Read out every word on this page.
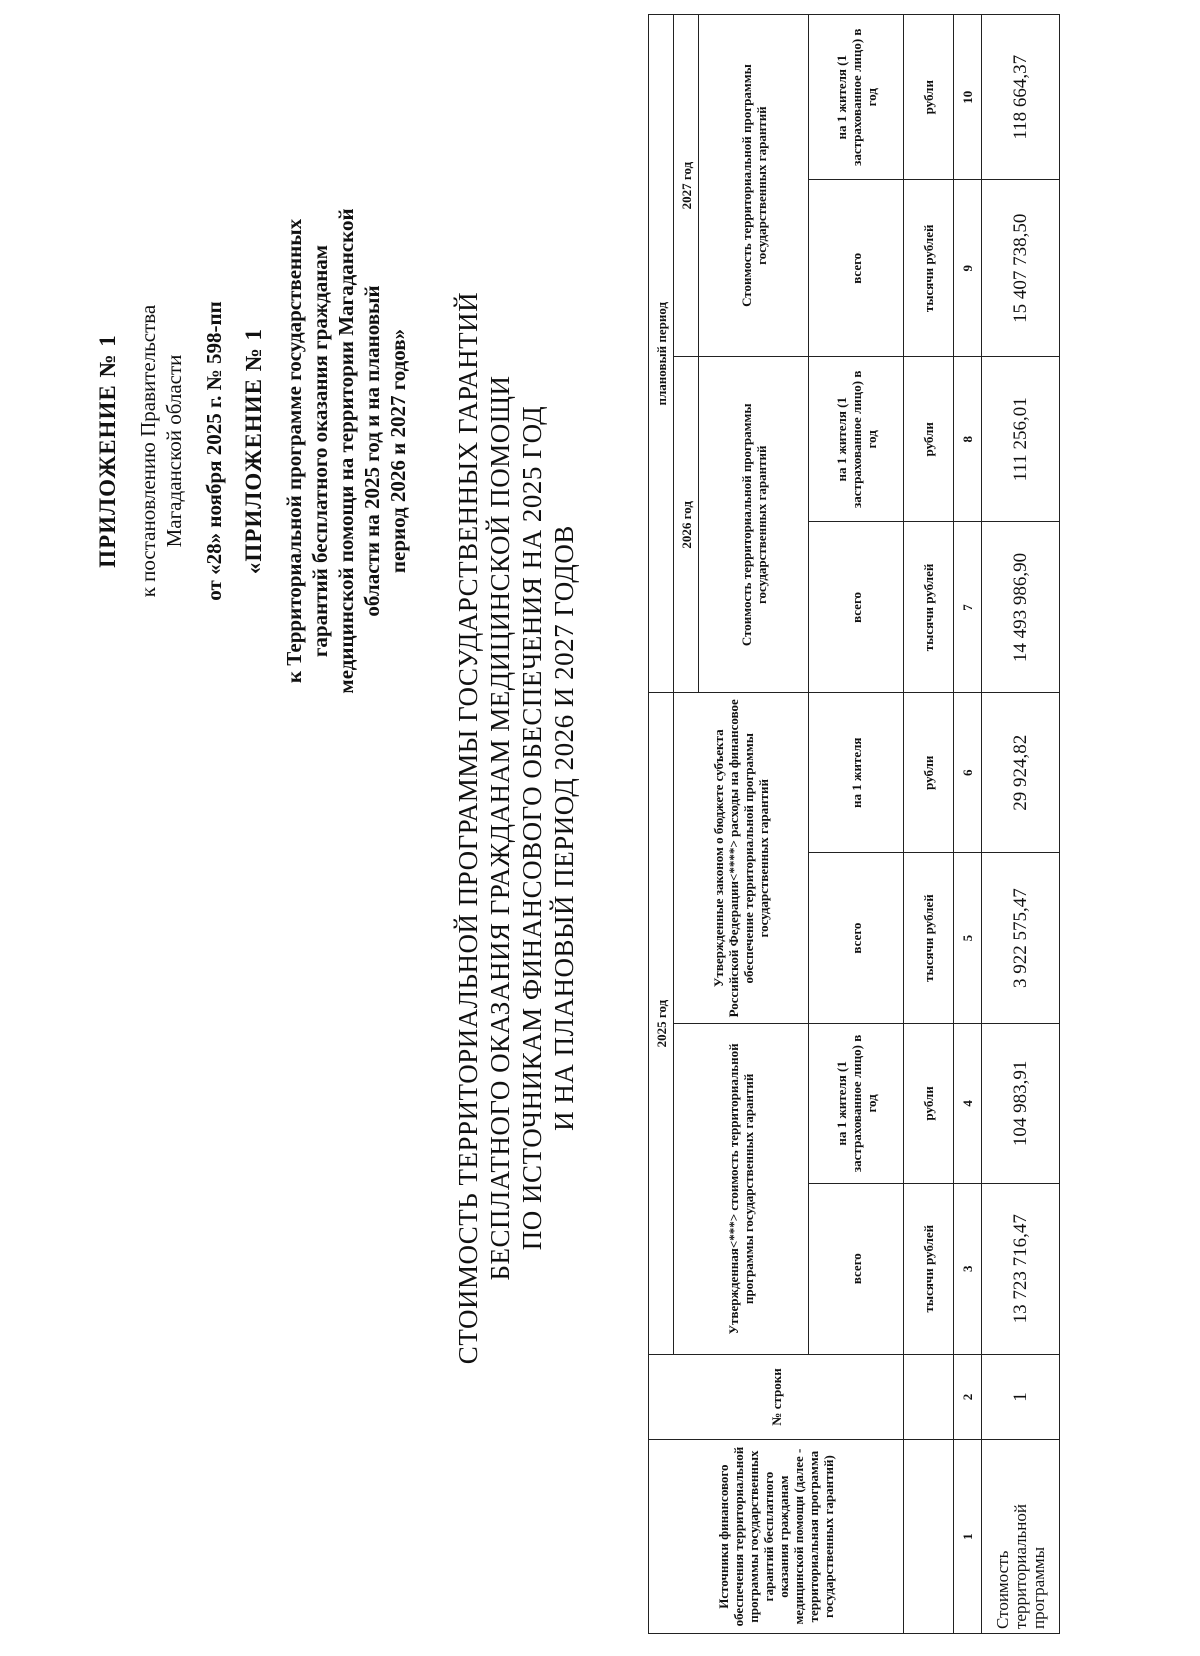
ПРИЛОЖЕНИЕ № 1 к постановлению Правительства Магаданской области от «28» ноября 2025 г. № 598-пп «ПРИЛОЖЕНИЕ № 1 к Территориальной программе государственных гарантий бесплатного оказания гражданам медицинской помощи на территории Магаданской области на 2025 год и на плановый период 2026 и 2027 годов» СТОИМОСТЬ ТЕРРИТОРИАЛЬНОЙ ПРОГРАММЫ ГОСУДАРСТВЕННЫХ ГАРАНТИЙ БЕСПЛАТНОГО ОКАЗАНИЯ ГРАЖДАНАМ МЕДИЦИНСКОЙ ПОМОЩИ ПО ИСТОЧНИКАМ ФИНАНСОВОГО ОБЕСПЕЧЕНИЯ НА 2025 ГОД И НА ПЛАНОВЫЙ ПЕРИОД 2026 И 2027 ГОДОВ
Источники финансового обеспечения территориальной программы государственных гарантий бесплатного оказания гражданам медицинской помощи (далее - территориальная программа государственных гарантий)	№ строки	2025 год				плановый период			
		Утвержденная<***> стоимость территориальной программы государственных гарантий		Утвержденные законом о бюджете субъекта Российской Федерации<****> расходы на финансовое обеспечение территориальной программы государственных гарантий		2026 год		2027 год	
						Стоимость территориальной программы государственных гарантий		Стоимость территориальной программы государственных гарантий	
		всего	на 1 жителя (1 застрахованное лицо) в год	всего	на 1 жителя	всего	на 1 жителя (1 застрахованное лицо) в год	всего	на 1 жителя (1 застрахованное лицо) в год
		тысячи рублей	рубли	тысячи рублей	рубли	тысячи рублей	рубли	тысячи рублей	рубли
1	2	3	4	5	6	7	8	9	10
Стоимость территориальной программы	1	13 723 716,47	104 983,91	3 922 575,47	29 924,82	14 493 986,90	111 256,01	15 407 738,50	118 664,37
